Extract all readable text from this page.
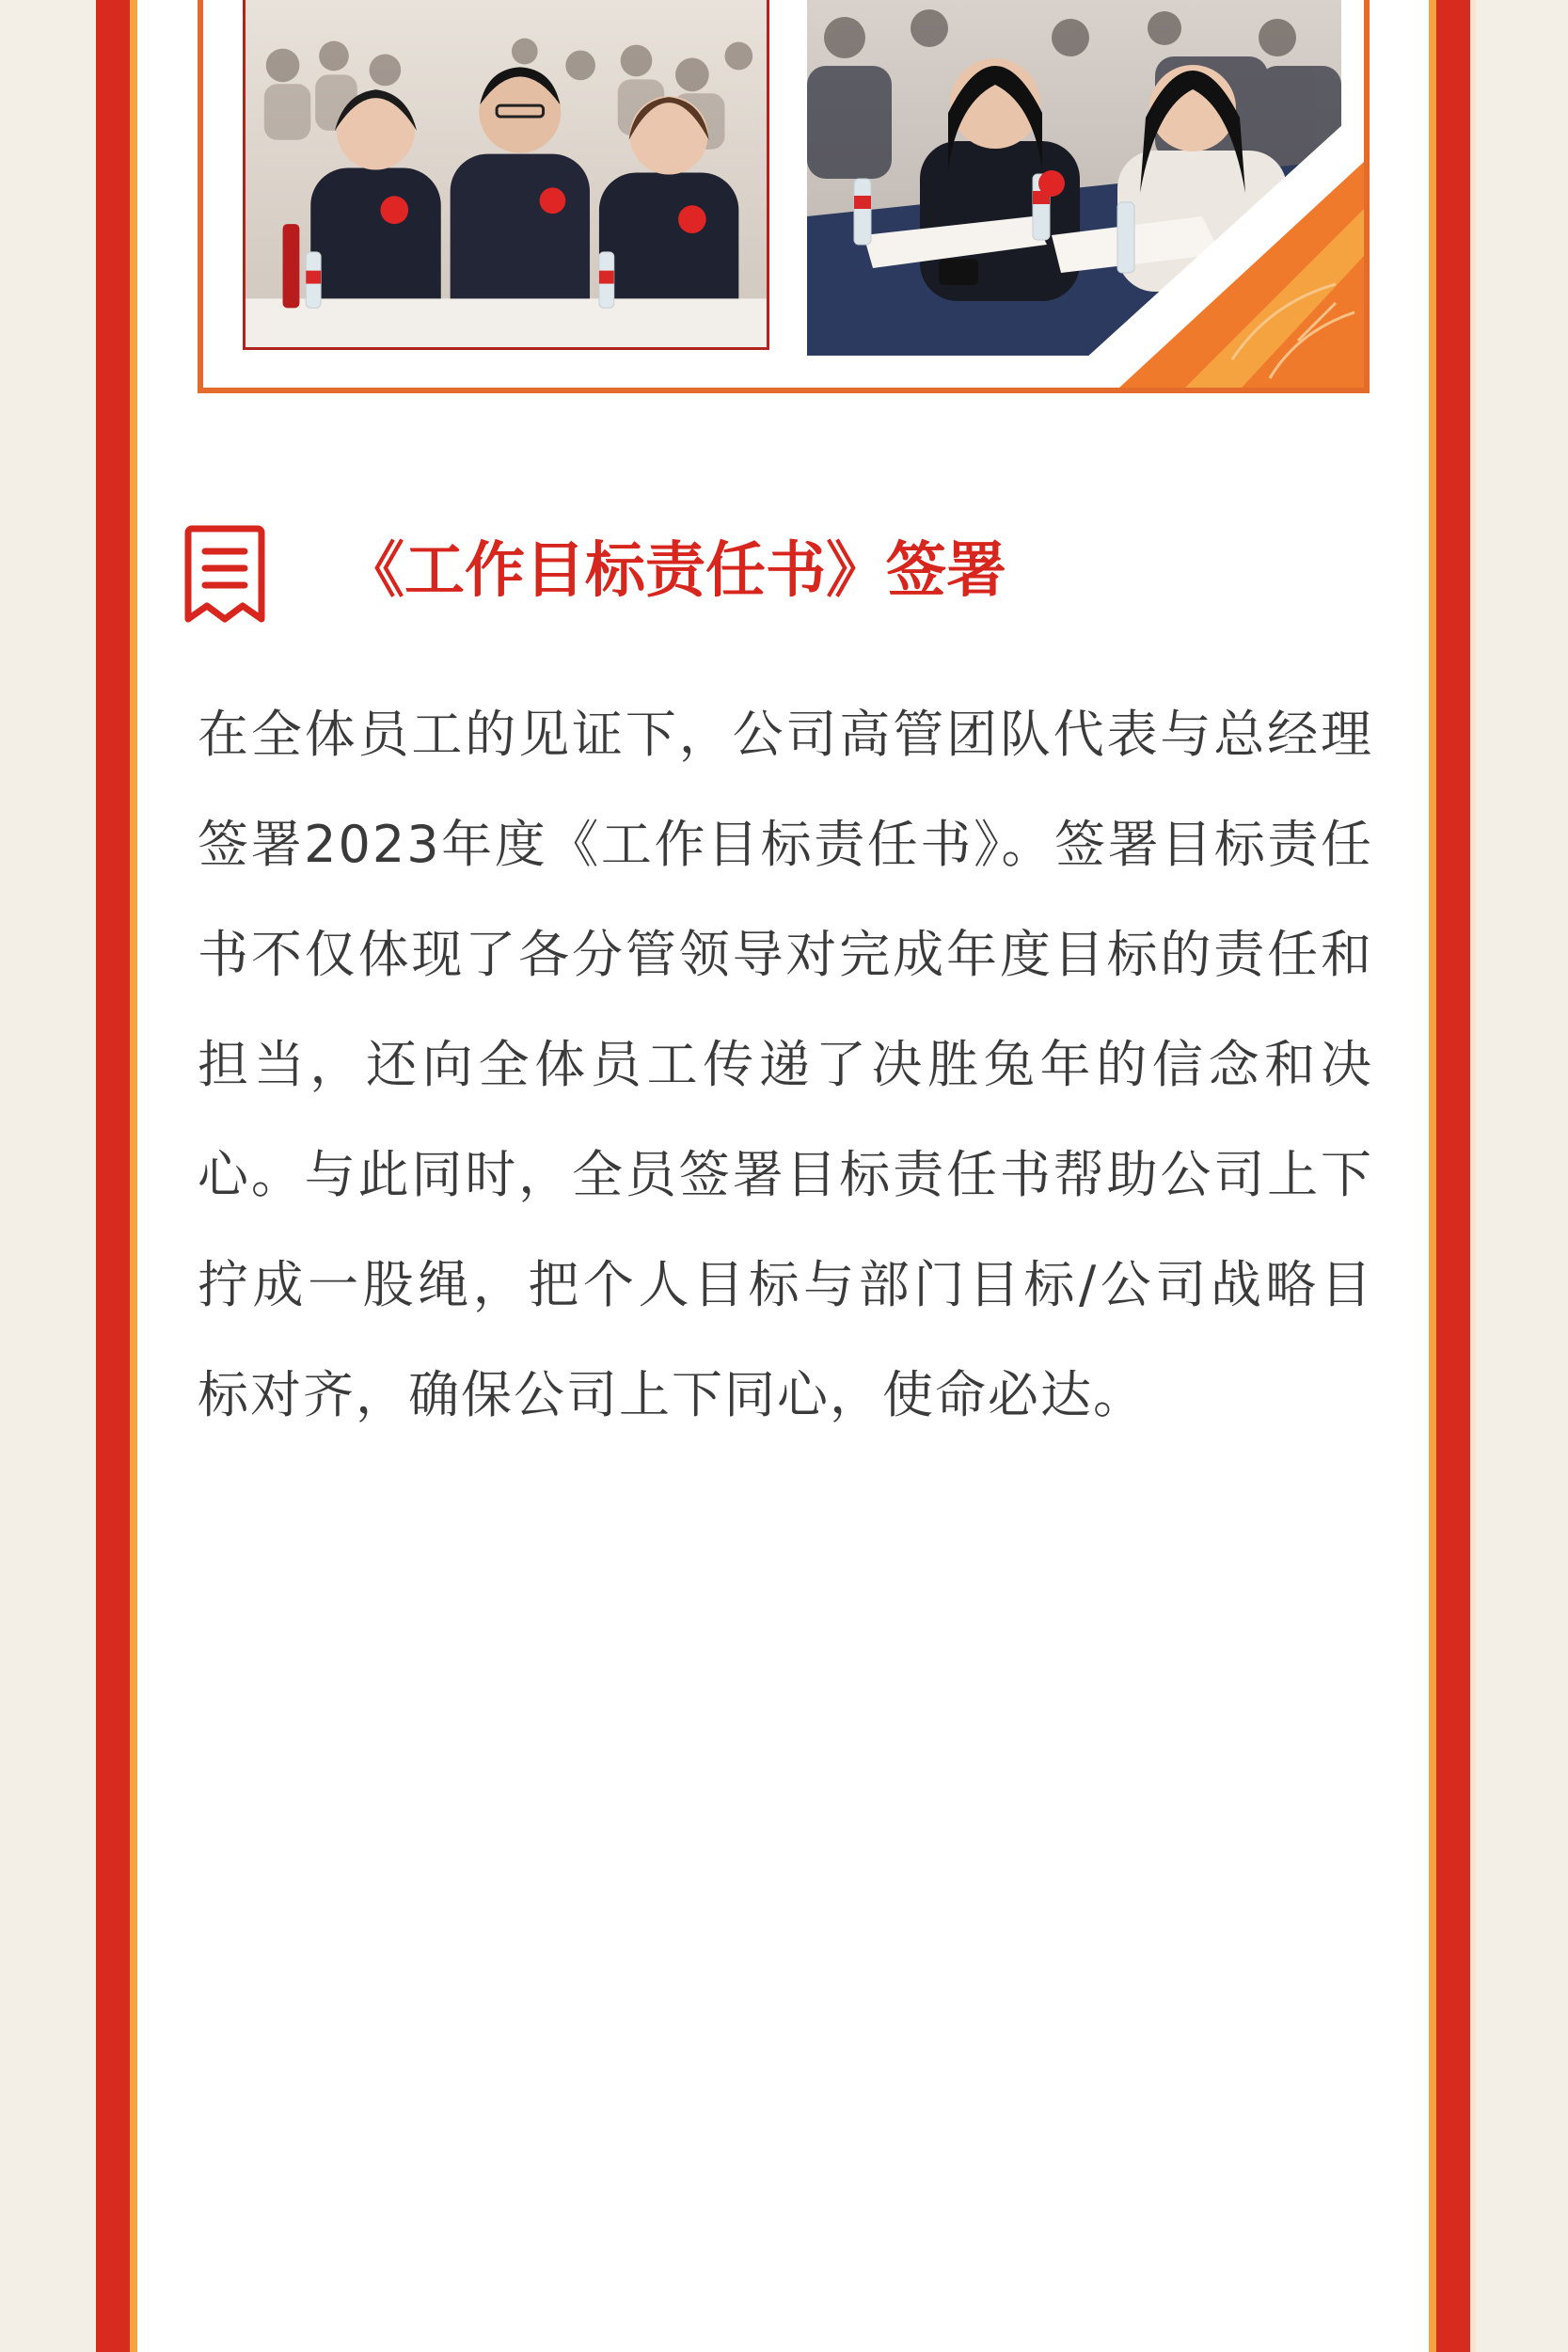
《工作目标责任书》签署
在全体员工的见证下，公司高管团队代表与总经理签署2023年度《工作目标责任书》。签署目标责任书不仅体现了各分管领导对完成年度目标的责任和担当，还向全体员工传递了决胜兔年的信念和决心。与此同时，全员签署目标责任书帮助公司上下拧成一股绳，把个人目标与部门目标/公司战略目标对齐，确保公司上下同心，使命必达。
